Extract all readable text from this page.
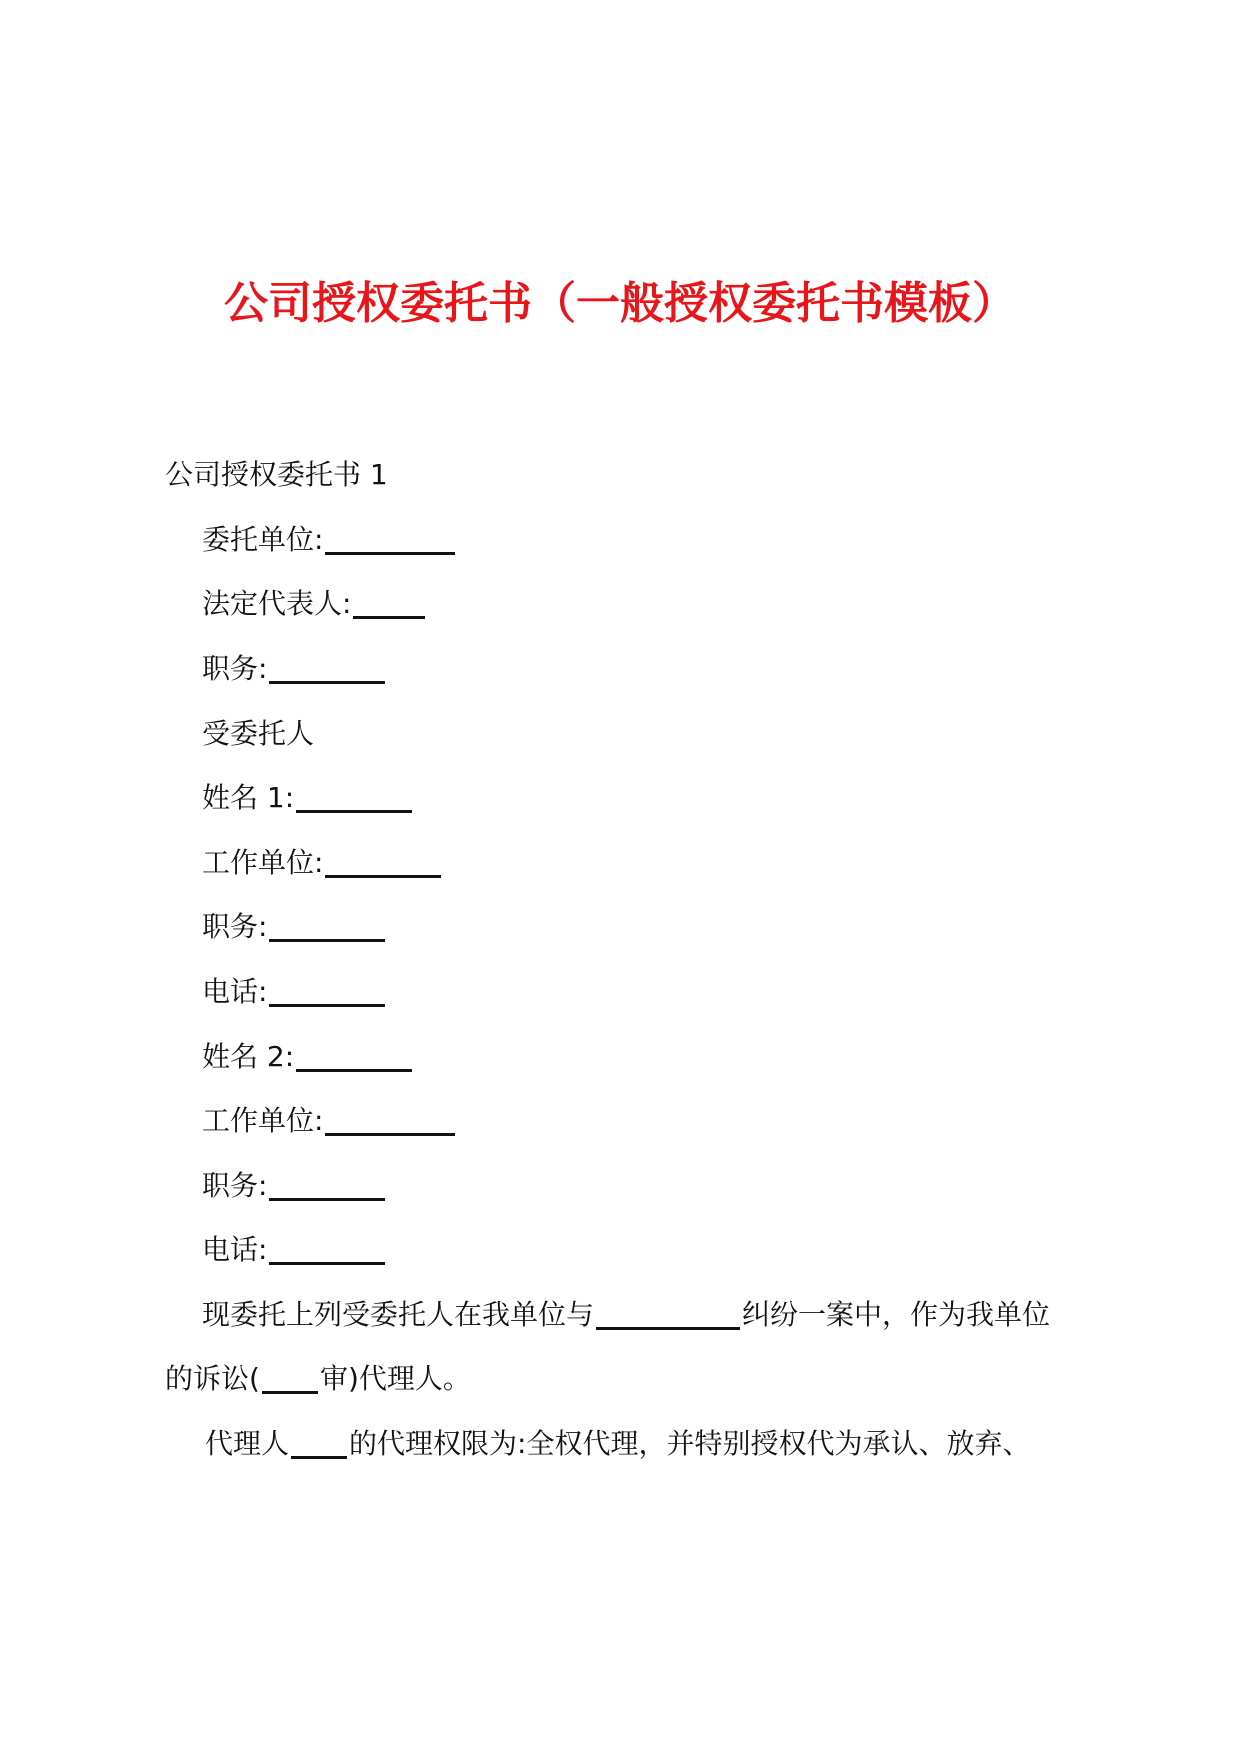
公司授权委托书（一般授权委托书模板）
公司授权委托书 1
委托单位:
法定代表人:
职务:
受委托人
姓名 1:
工作单位:
职务:
电话:
姓名 2:
工作单位:
职务:
电话:
现委托上列受委托人在我单位与	纠纷一案中，作为我单位
的诉讼( 审)代理人。
代理人 的代理权限为:全权代理，并特别授权代为承认、放弃、
